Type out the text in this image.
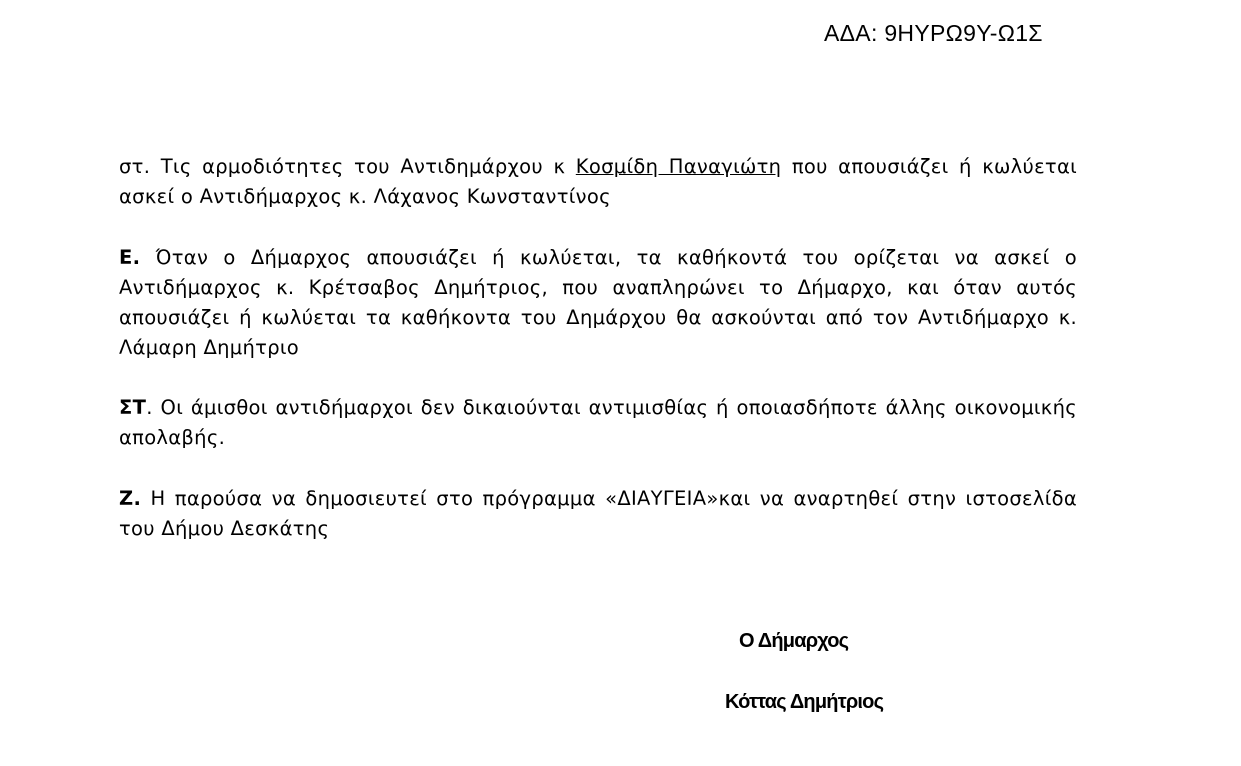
ΑΔΑ: 9ΗΥΡΩ9Υ-Ω1Σ
στ. Τις αρμοδιότητες του Αντιδημάρχου κ Κοσμίδη Παναγιώτη που απουσιάζει ή κωλύεται ασκεί ο Αντιδήμαρχος κ. Λάχανος Κωνσταντίνος
Ε. Όταν ο Δήμαρχος απουσιάζει ή κωλύεται, τα καθήκοντά του ορίζεται να ασκεί ο Αντιδήμαρχος κ. Κρέτσαβος Δημήτριος, που αναπληρώνει το Δήμαρχο, και όταν αυτός απουσιάζει ή κωλύεται τα καθήκοντα του Δημάρχου θα ασκούνται από τον Αντιδήμαρχο κ. Λάμαρη Δημήτριο
ΣΤ. Οι άμισθοι αντιδήμαρχοι δεν δικαιούνται αντιμισθίας ή οποιασδήποτε άλλης οικονομικής απολαβής.
Ζ. Η παρούσα να δημοσιευτεί στο πρόγραμμα «ΔΙΑΥΓΕΙΑ»και να αναρτηθεί στην ιστοσελίδα του Δήμου Δεσκάτης
Ο Δήμαρχος
Κόττας Δημήτριος
